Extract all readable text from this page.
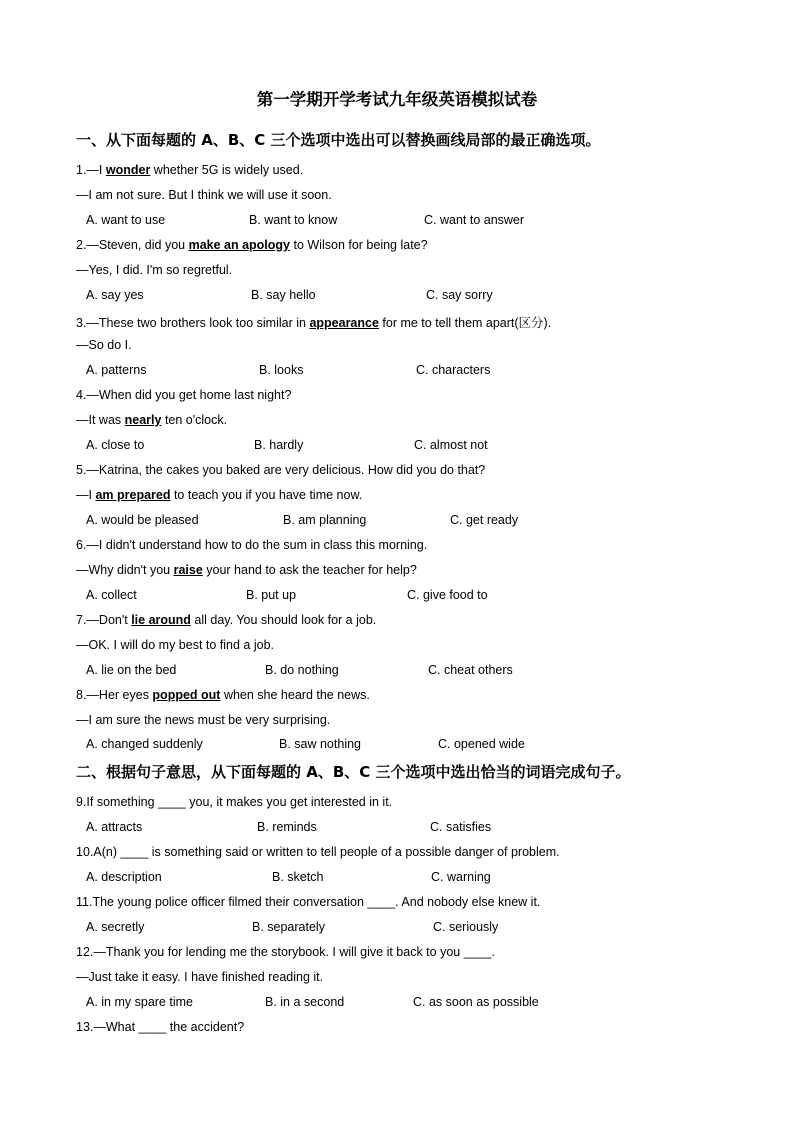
第一学期开学考试九年级英语模拟试卷
一、从下面每题的 A、B、C 三个选项中选出可以替换画线局部的最正确选项。
1.—I wonder whether 5G is widely used.
—I am not sure. But I think we will use it soon.
A. want to use	B. want to know	C. want to answer
2.—Steven, did you make an apology to Wilson for being late?
—Yes, I did. I'm so regretful.
A. say yes	B. say hello	C. say sorry
3.—These two brothers look too similar in appearance for me to tell them apart(区分).
—So do I.
A. patterns	B. looks	C. characters
4.—When did you get home last night?
—It was nearly ten o'clock.
A. close to	B. hardly	C. almost not
5.—Katrina, the cakes you baked are very delicious. How did you do that?
—I am prepared to teach you if you have time now.
A. would be pleased	B. am planning	C. get ready
6.—I didn't understand how to do the sum in class this morning.
—Why didn't you raise your hand to ask the teacher for help?
A. collect	B. put up	C. give food to
7.—Don't lie around all day. You should look for a job.
—OK. I will do my best to find a job.
A. lie on the bed	B. do nothing	C. cheat others
8.—Her eyes popped out when she heard the news.
—I am sure the news must be very surprising.
A. changed suddenly	B. saw nothing	C. opened wide
二、根据句子意思，从下面每题的 A、B、C 三个选项中选出恰当的词语完成句子。
9.If something ____ you, it makes you get interested in it.
A. attracts	B. reminds	C. satisfies
10.A(n) ____ is something said or written to tell people of a possible danger of problem.
A. description	B. sketch	C. warning
11.The young police officer filmed their conversation ____. And nobody else knew it.
A. secretly	B. separately	C. seriously
12.—Thank you for lending me the storybook. I will give it back to you ____.
—Just take it easy. I have finished reading it.
A. in my spare time	B. in a second	C. as soon as possible
13.—What ____ the accident?
